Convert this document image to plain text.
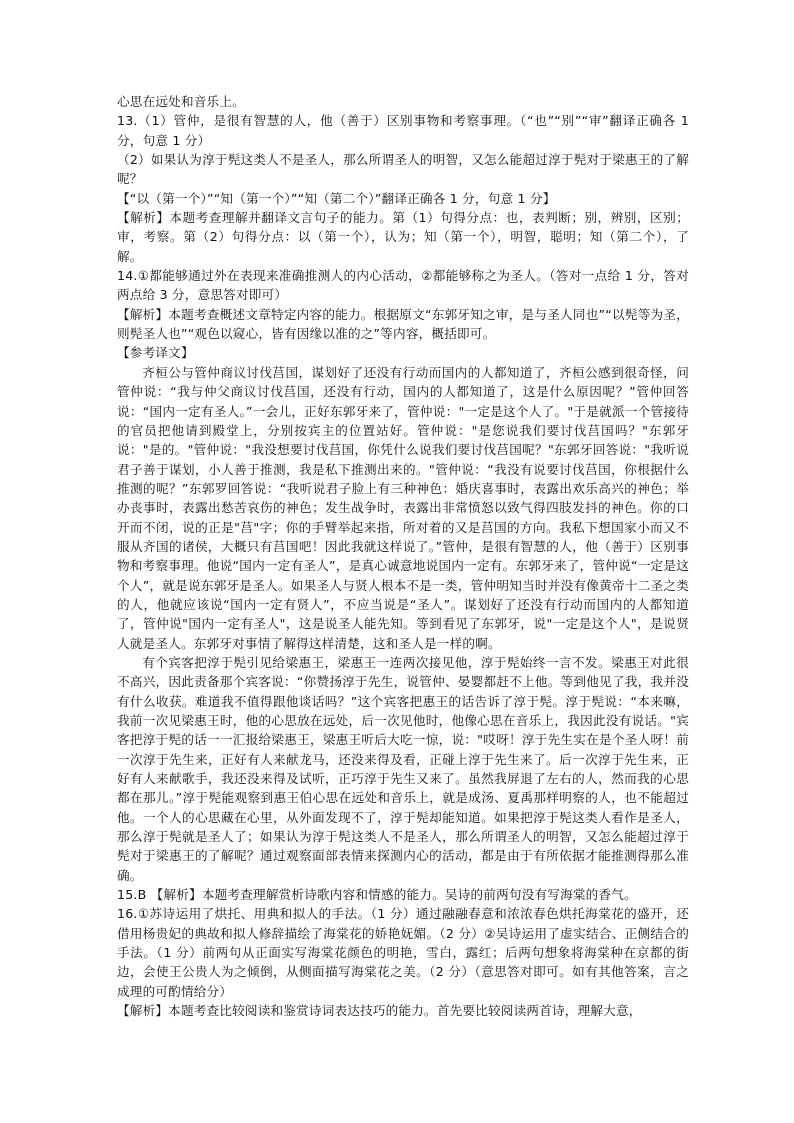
心思在远处和音乐上。

13.（1）管仲，是很有智慧的人，他（善于）区别事物和考察事理。（“也”“别”“审”翻译正确各 1 分，句意 1 分）

（2）如果认为淳于髡这类人不是圣人，那么所谓圣人的明智，又怎么能超过淳于髡对于梁惠王的了解呢？

【“以（第一个）”“知（第一个）”“知（第二个）”翻译正确各 1 分，句意 1 分】

【解析】本题考查理解并翻译文言句子的能力。第（1）句得分点：也，表判断；别，辨别，区别；审，考察。第（2）句得分点：以（第一个），认为；知（第一个），明智，聪明；知（第二个），了解。

14.①都能够通过外在表现来准确推测人的内心活动，②都能够称之为圣人。（答对一点给 1 分，答对两点给 3 分，意思答对即可）

【解析】本题考查概述文章特定内容的能力。根据原文“东郭牙知之审，是与圣人同也”“以髡等为圣，则髡圣人也”“观色以窥心，皆有因缘以准的之”等内容，概括即可。

【参考译文】

齐桓公与管仲商议讨伐莒国，谋划好了还没有行动而国内的人都知道了，齐桓公感到很奇怪，问管仲说：“我与仲父商议讨伐莒国，还没有行动，国内的人都知道了，这是什么原因呢？”管仲回答说：“国内一定有圣人。”一会儿，正好东郭牙来了，管仲说："一定是这个人了。"于是就派一个管接待的官员把他请到殿堂上，分别按宾主的位置站好。管仲说："是您说我们要讨伐莒国吗？"东郭牙说："是的。"管仲说："我没想要讨伐莒国，你凭什么说我们要讨伐莒国呢？"东郭牙回答说："我听说君子善于谋划，小人善于推测，我是私下推测出来的。"管仲说：“我没有说要讨伐莒国，你根据什么推测的呢？”东郭罗回答说：“我听说君子脸上有三种神色：婚庆喜事时，表露出欢乐高兴的神色；举办丧事时，表露出愁苦哀伤的神色；发生战争时，表露出非常愤怒以致气得四肢发抖的神色。你的口开而不闭，说的正是"莒"字；你的手臂举起来指，所对着的又是莒国的方向。我私下想国家小而又不服从齐国的诸侯，大概只有莒国吧！因此我就这样说了。”管仲，是很有智慧的人，他（善于）区别事物和考察事理。他说“国内一定有圣人”，是真心诚意地说国内一定有。东郭牙来了，管仲说“一定是这个人”，就是说东郭牙是圣人。如果圣人与贤人根本不是一类，管仲明知当时并没有像黄帝十二圣之类的人，他就应该说“国内一定有贤人”，不应当说是“圣人”。谋划好了还没有行动而国内的人都知道了，管仲说"国内一定有圣人"，这是说圣人能先知。等到看见了东郭牙，说"一定是这个人"，是说贤人就是圣人。东郭牙对事情了解得这样清楚，这和圣人是一样的啊。

有个宾客把淳于髡引见给梁惠王，梁惠王一连两次接见他，淳于髡始终一言不发。梁惠王对此很不高兴，因此责备那个宾客说：“你赞扬淳于先生，说管仲、晏婴都赶不上他。等到他见了我，我并没有什么收获。难道我不值得跟他谈话吗？”这个宾客把惠王的话告诉了淳于髡。淳于髡说：“本来嘛，我前一次见梁惠王时，他的心思放在远处，后一次见他时，他像心思在音乐上，我因此没有说话。"宾客把淳于髡的话一一汇报给梁惠王，梁惠王听后大吃一惊，说："哎呀！淳于先生实在是个圣人呀！前一次淳于先生来，正好有人来献龙马，还没来得及看，正碰上淳于先生来了。后一次淳于先生来，正好有人来献歌手，我还没来得及试听，正巧淳于先生又来了。虽然我屏退了左右的人，然而我的心思都在那儿。”淳于髡能观察到惠王伯心思在远处和音乐上，就是成汤、夏禹那样明察的人，也不能超过他。一个人的心思藏在心里，从外面发现不了，淳于髡却能知道。如果把淳于髡这类人看作是圣人，那么淳于髡就是圣人了；如果认为淳于髡这类人不是圣人，那么所谓圣人的明智，又怎么能超过淳于髡对于梁惠王的了解呢？通过观察面部表情来探测内心的活动，都是由于有所依据才能推测得那么准确。

15.B 【解析】本题考查理解赏析诗歌内容和情感的能力。吴诗的前两句没有写海棠的香气。

16.①苏诗运用了烘托、用典和拟人的手法。（1 分）通过融融春意和浓浓春色烘托海棠花的盛开，还借用杨贵妃的典故和拟人修辞描绘了海棠花的娇艳妩媚。（2 分）②吴诗运用了虚实结合、正侧结合的手法。（1 分）前两句从正面实写海棠花颜色的明艳，雪白，露红；后两句想象将海棠种在京都的街边，会使王公贵人为之倾倒，从侧面描写海棠花之美。（2 分）（意思答对即可。如有其他答案，言之成理的可酌情给分）

【解析】本题考查比较阅读和鉴赏诗词表达技巧的能力。首先要比较阅读两首诗，理解大意，
